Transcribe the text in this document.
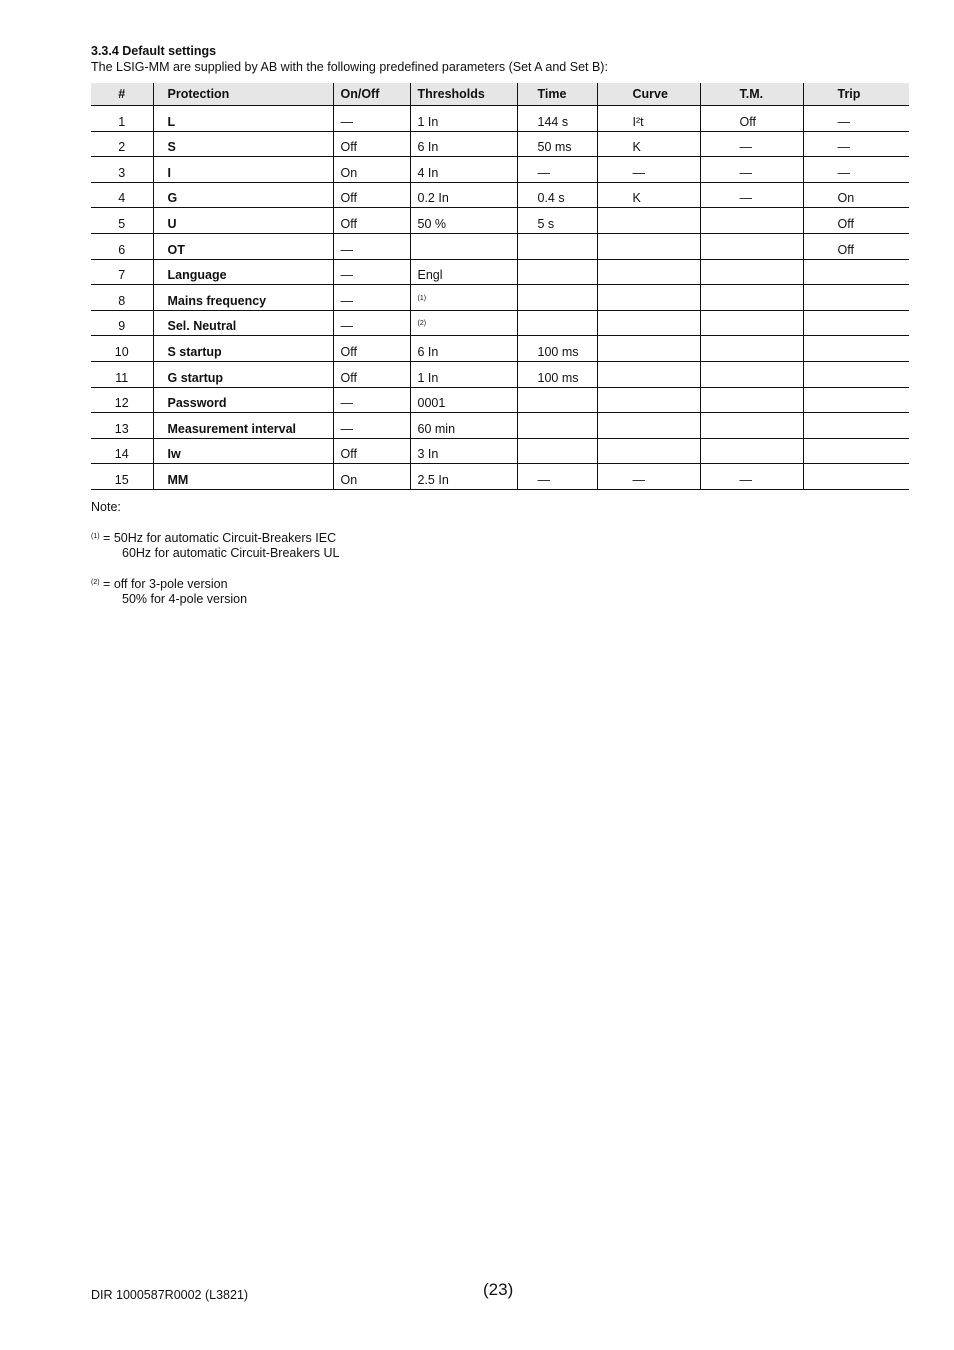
3.3.4 Default settings
The LSIG-MM are supplied by AB with the following predefined parameters (Set A and Set B):
#	Protection	On/Off	Thresholds	Time	Curve	T.M.	Trip
1	L	—	1 In	144 s	I²t	Off	—
2	S	Off	6 In	50 ms	K	—	—
3	I	On	4 In	—	—	—	—
4	G	Off	0.2 In	0.4 s	K	—	On
5	U	Off	50 %	5 s			Off
6	OT	—					Off
7	Language	—	Engl				
8	Mains frequency	—	$^{(1)}$				
9	Sel. Neutral	—	$^{(2)}$				
10	S startup	Off	6 In	100 ms			
11	G startup	Off	1 In	100 ms			
12	Password	—	0001				
13	Measurement interval	—	60 min				
14	Iw	Off	3 In				
15	MM	On	2.5 In	—	—	—	
Note:
$^{(1)}$ = 50Hz for automatic Circuit-Breakers IEC
60Hz for automatic Circuit-Breakers UL
$^{(2)}$ = off for 3-pole version
50% for 4-pole version
DIR 1000587R0002 (L3821)	(23)
